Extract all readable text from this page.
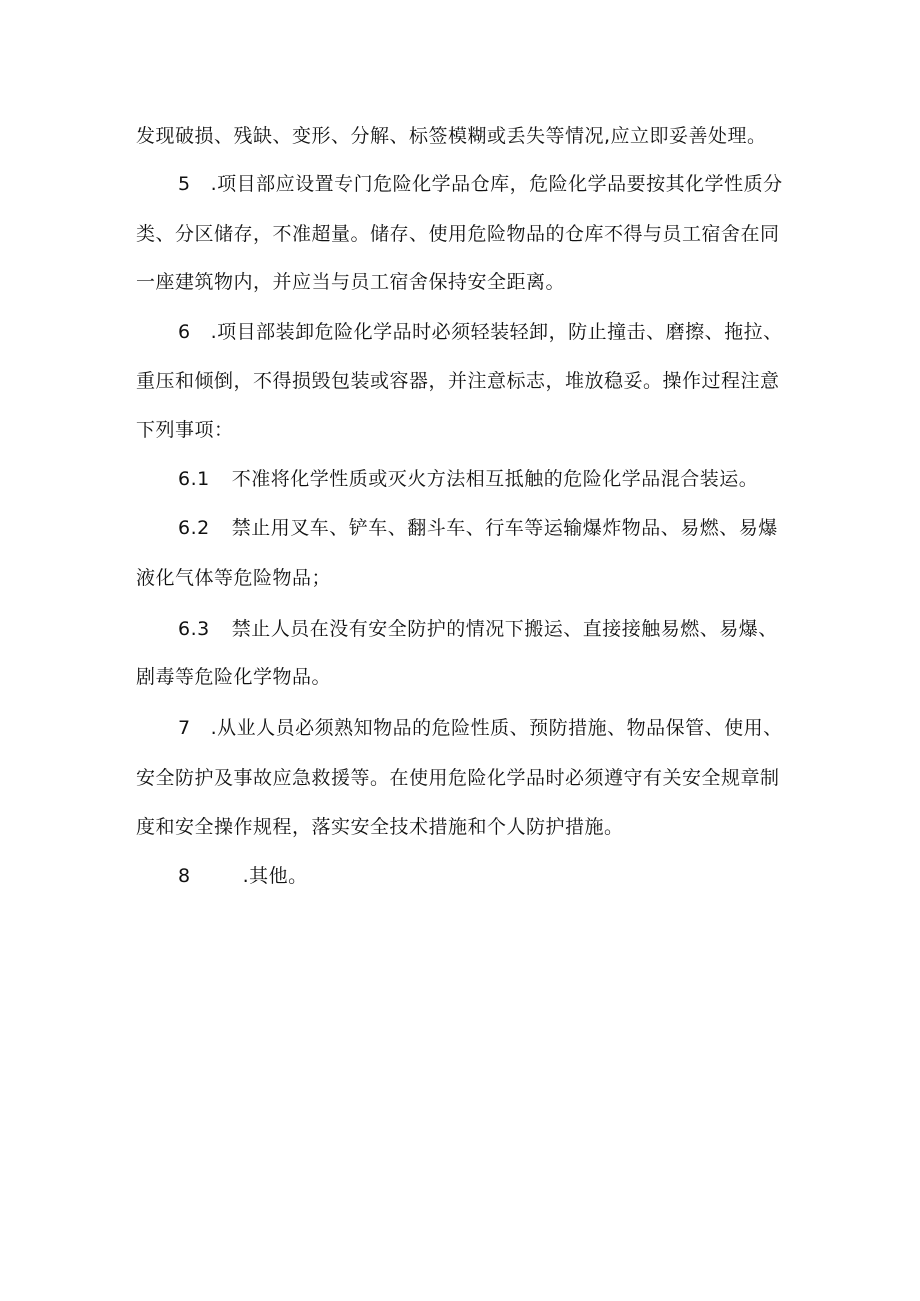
发现破损、残缺、变形、分解、标签模糊或丢失等情况,应立即妥善处理。
5 .项目部应设置专门危险化学品仓库，危险化学品要按其化学性质分
类、分区储存，不准超量。储存、使用危险物品的仓库不得与员工宿舍在同
一座建筑物内，并应当与员工宿舍保持安全距离。
6 .项目部装卸危险化学品时必须轻装轻卸，防止撞击、磨擦、拖拉、
重压和倾倒，不得损毁包装或容器，并注意标志，堆放稳妥。操作过程注意
下列事项：
6.1 不准将化学性质或灭火方法相互抵触的危险化学品混合装运。
6.2 禁止用叉车、铲车、翻斗车、行车等运输爆炸物品、易燃、易爆
液化气体等危险物品；
6.3 禁止人员在没有安全防护的情况下搬运、直接接触易燃、易爆、
剧毒等危险化学物品。
7 .从业人员必须熟知物品的危险性质、预防措施、物品保管、使用、
安全防护及事故应急救援等。在使用危险化学品时必须遵守有关安全规章制
度和安全操作规程，落实安全技术措施和个人防护措施。
8	.其他。
